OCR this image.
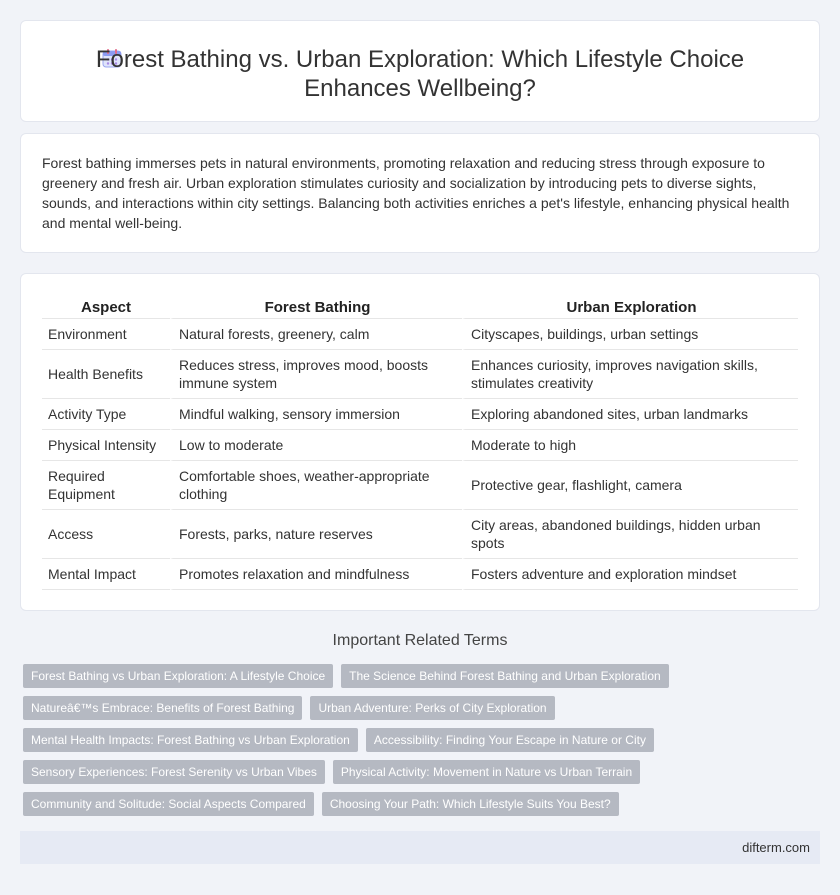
Forest Bathing vs. Urban Exploration: Which Lifestyle Choice Enhances Wellbeing?

Forest bathing immerses pets in natural environments, promoting relaxation and reducing stress through exposure to greenery and fresh air. Urban exploration stimulates curiosity and socialization by introducing pets to diverse sights, sounds, and interactions within city settings. Balancing both activities enriches a pet's lifestyle, enhancing physical health and mental well-being.

Aspect	Forest Bathing	Urban Exploration
Environment	Natural forests, greenery, calm	Cityscapes, buildings, urban settings
Health Benefits	Reduces stress, improves mood, boosts immune system	Enhances curiosity, improves navigation skills, stimulates creativity
Activity Type	Mindful walking, sensory immersion	Exploring abandoned sites, urban landmarks
Physical Intensity	Low to moderate	Moderate to high
Required Equipment	Comfortable shoes, weather-appropriate clothing	Protective gear, flashlight, camera
Access	Forests, parks, nature reserves	City areas, abandoned buildings, hidden urban spots
Mental Impact	Promotes relaxation and mindfulness	Fosters adventure and exploration mindset
Important Related Terms
Forest Bathing vs Urban Exploration: A Lifestyle Choice	The Science Behind Forest Bathing and Urban Exploration
Natureâ€™s Embrace: Benefits of Forest Bathing	Urban Adventure: Perks of City Exploration
Mental Health Impacts: Forest Bathing vs Urban Exploration	Accessibility: Finding Your Escape in Nature or City
Sensory Experiences: Forest Serenity vs Urban Vibes	Physical Activity: Movement in Nature vs Urban Terrain
Community and Solitude: Social Aspects Compared	Choosing Your Path: Which Lifestyle Suits You Best?
difterm.com
